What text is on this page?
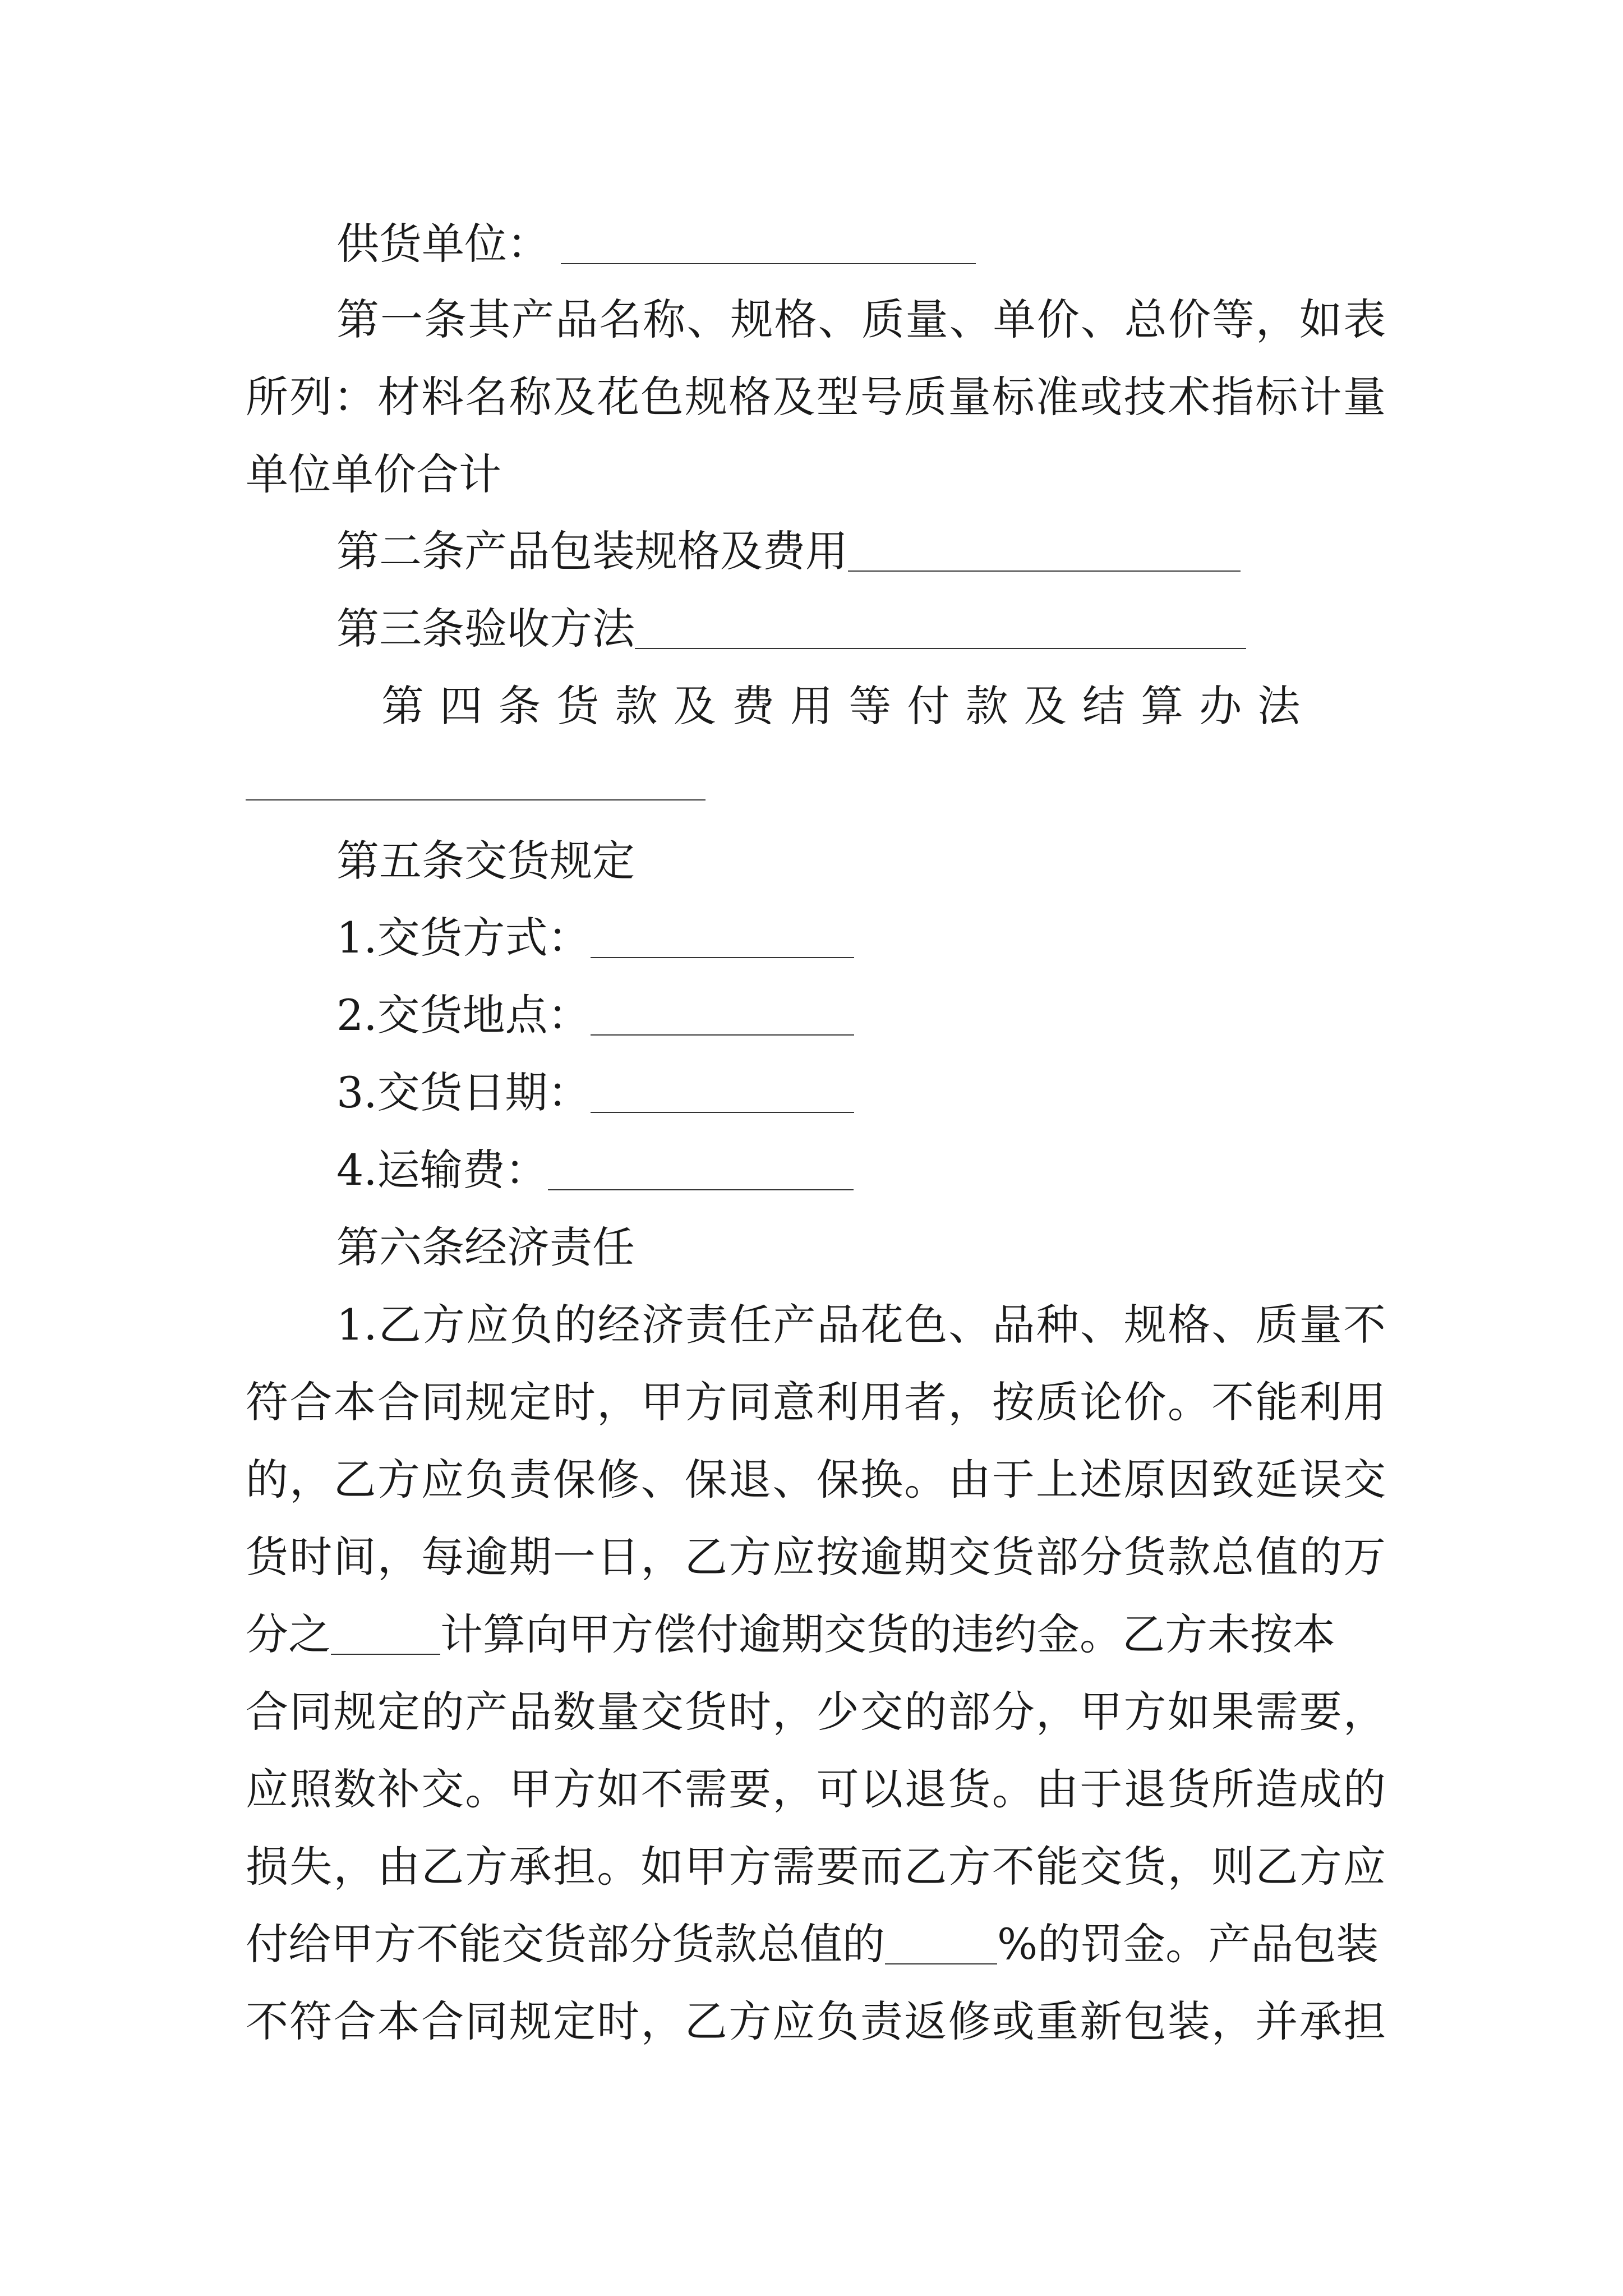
供货单位：
第一条其产品名称、规格、质量、单价、总价等，如表
所列：材料名称及花色规格及型号质量标准或技术指标计量
单位单价合计
第二条产品包装规格及费用
第三条验收方法
第 四 条 货 款 及 费 用 等 付 款 及 结 算 办 法
第五条交货规定
1.交货方式：
2.交货地点：
3.交货日期：
4.运输费：
第六条经济责任
1.乙方应负的经济责任产品花色、品种、规格、质量不
符合本合同规定时，甲方同意利用者，按质论价。不能利用
的，乙方应负责保修、保退、保换。由于上述原因致延误交
货时间，每逾期一日，乙方应按逾期交货部分货款总值的万
分之	计算向甲方偿付逾期交货的违约金。乙方未按本
合同规定的产品数量交货时，少交的部分，甲方如果需要，
应照数补交。甲方如不需要，可以退货。由于退货所造成的
损失，由乙方承担。如甲方需要而乙方不能交货，则乙方应
付给甲方不能交货部分货款总值的	%的罚金。产品包装
不符合本合同规定时，乙方应负责返修或重新包装，并承担
